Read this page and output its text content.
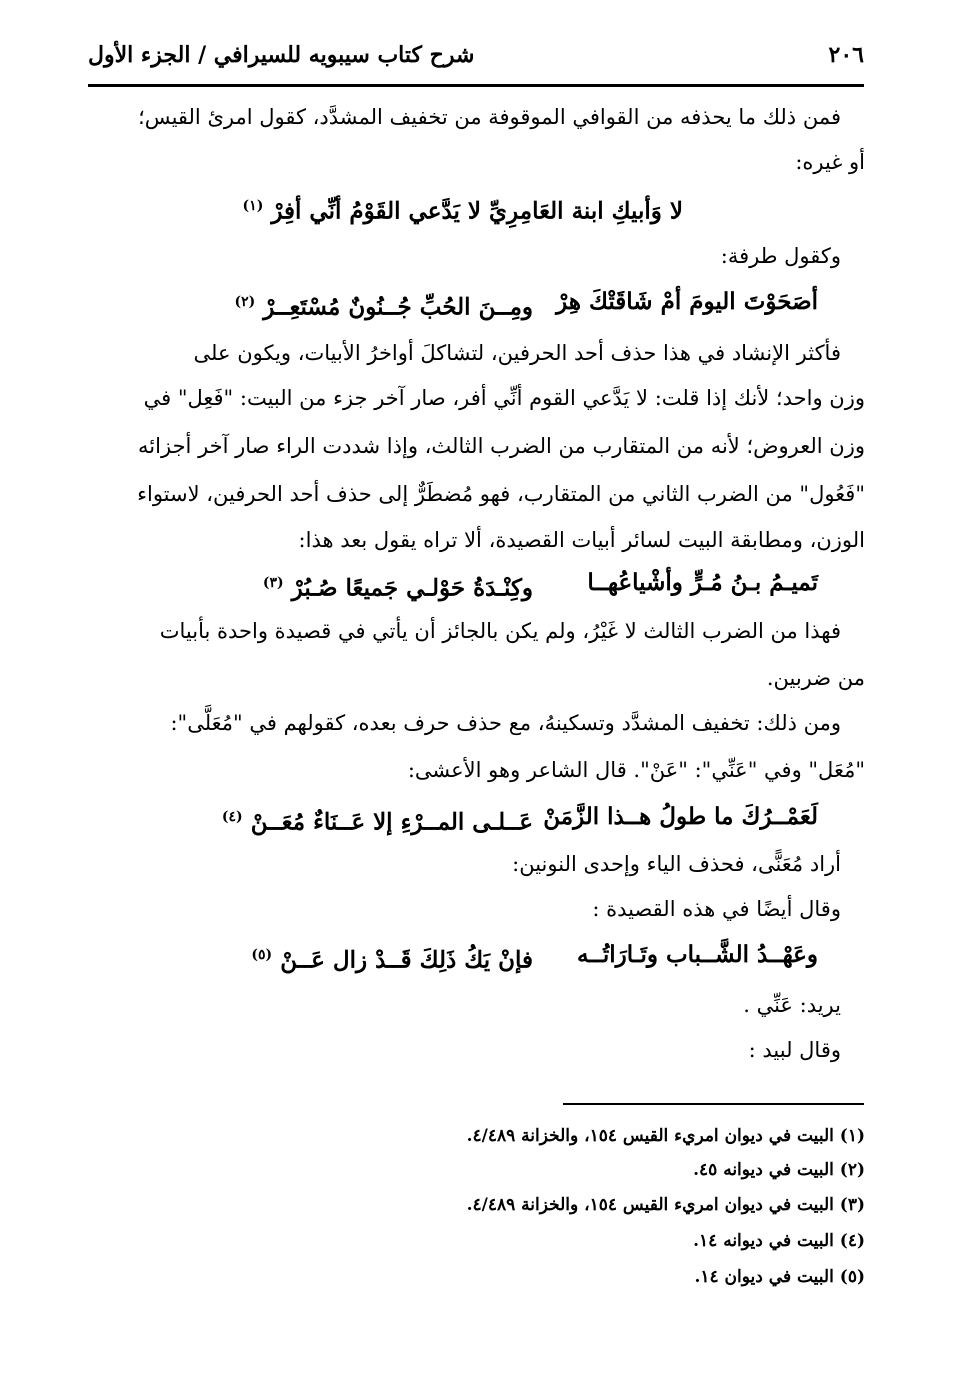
٢٠٦
شرح كتاب سيبويه للسيرافي / الجزء الأول
فمن ذلك ما يحذفه من القوافي الموقوفة من تخفيف المشدَّد، كقول امرئ القيس؛
أو غيره:
لا وَأبيكِ ابنة العَامِرِيِّ لا يَدَّعي القَوْمُ أنِّي أفِرْ $^{(١)}$
وكقول طرفة:
أصَحَوْتَ اليومَ أمْ شَاقَتْكَ هِرْ
ومِــنَ الحُبِّ جُــنُونٌ مُسْتَعِــرْ $^{(٢)}$
فأكثر الإنشاد في هذا حذف أحد الحرفين، لتشاكلَ أواخرُ الأبيات، ويكون على
وزن واحد؛ لأنك إذا قلت: لا يَدَّعي القوم أنِّي أفر، صار آخر جزء من البيت: "فَعِل" في
وزن العروض؛ لأنه من المتقارب من الضرب الثالث، وإذا شددت الراء صار آخر أجزائه
"فَعُول" من الضرب الثاني من المتقارب، فهو مُضطَرٌّ إلى حذف أحد الحرفين، لاستواء
الوزن، ومطابقة البيت لسائر أبيات القصيدة، ألا تراه يقول بعد هذا:
تَميـمُ بـنُ مُـرٍّ وأشْياعُهــا
وكِنْـدَةُ حَوْلـي جَميعًا صُـبُرْ $^{(٣)}$
فهذا من الضرب الثالث لا غَيْرُ، ولم يكن بالجائز أن يأتي في قصيدة واحدة بأبيات
من ضربين.
ومن ذلك: تخفيف المشدَّد وتسكينهُ، مع حذف حرف بعده، كقولهم في "مُعَلَّى":
"مُعَل" وفي "عَنِّي": "عَنْ". قال الشاعر وهو الأعشى:
لَعَمْــرُكَ ما طولُ هــذا الزَّمَنْ
عَــلـى المــرْءِ إلا عَــنَاءٌ مُعَــنْ $^{(٤)}$
أراد مُعَنًّى، فحذف الياء وإحدى النونين:
وقال أيضًا في هذه القصيدة :
وعَهْــدُ الشَّــباب وتَـارَاتُــه
فإنْ يَكُ ذَلِكَ قَــدْ زال عَــنْ $^{(٥)}$
يريد: عَنِّي .
وقال لبيد :
(١) البيت في ديوان امريء القيس ١٥٤، والخزانة ٤/٤٨٩.
(٢) البيت في ديوانه ٤٥.
(٣) البيت في ديوان امريء القيس ١٥٤، والخزانة ٤/٤٨٩.
(٤) البيت في ديوانه ١٤.
(٥) البيت في ديوان ١٤.
